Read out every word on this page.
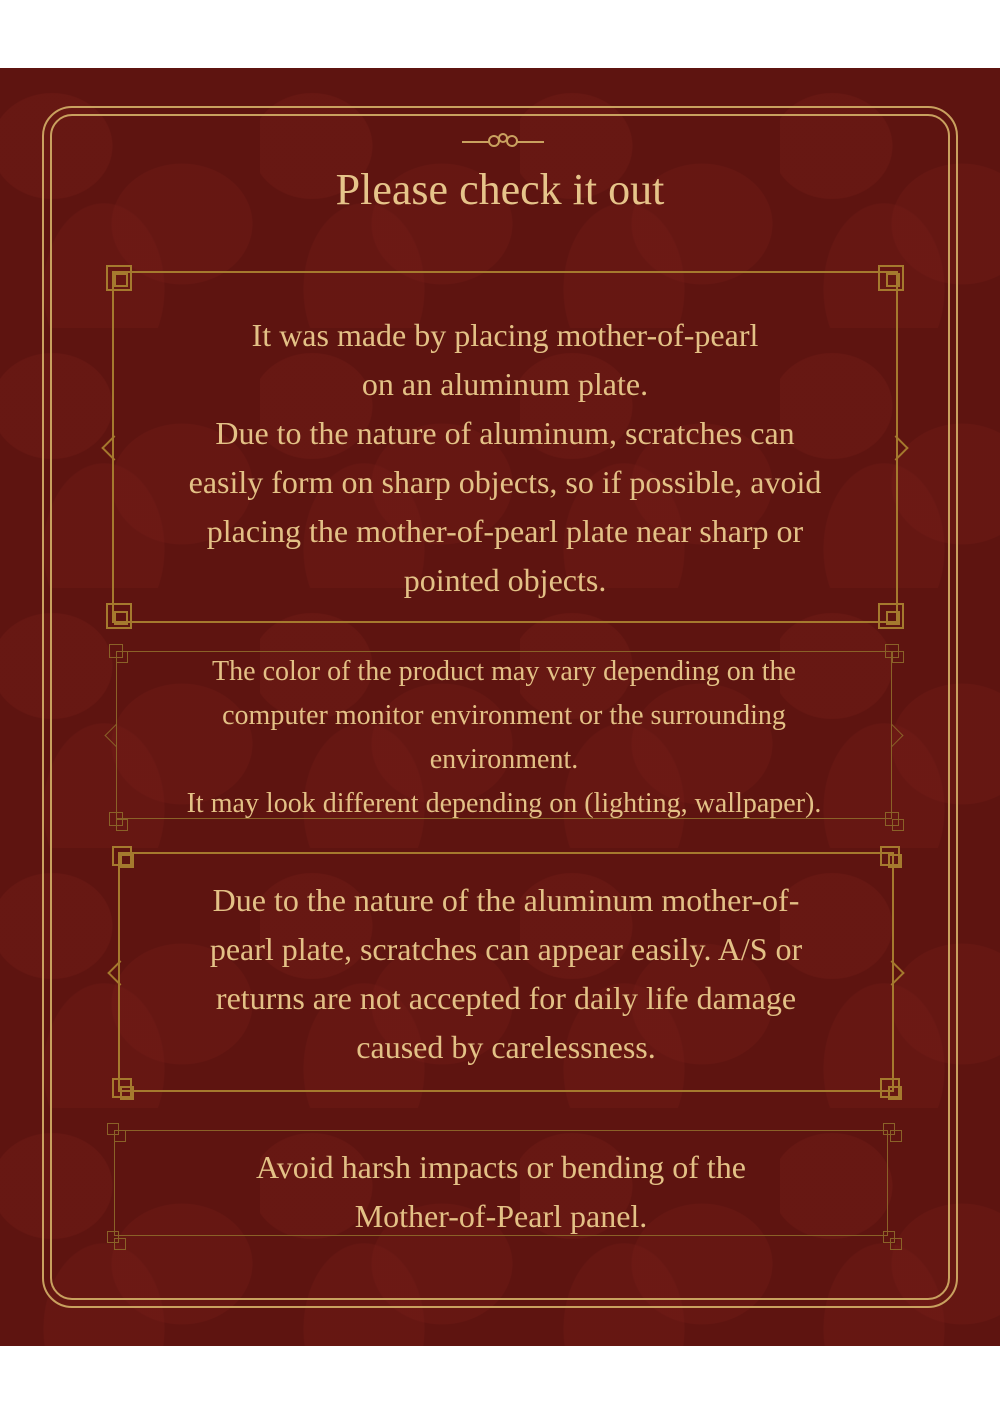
Please check it out

It was made by placing mother-of-pearl

on an aluminum plate.

Due to the nature of aluminum, scratches can

easily form on sharp objects, so if possible, avoid

placing the mother-of-pearl plate near sharp or

pointed objects.

The color of the product may vary depending on the

computer monitor environment or the surrounding

environment.

It may look different depending on (lighting, wallpaper).

Due to the nature of the aluminum mother-of-

pearl plate, scratches can appear easily. A/S or

returns are not accepted for daily life damage

caused by carelessness.

Avoid harsh impacts or bending of the

Mother-of-Pearl panel.
